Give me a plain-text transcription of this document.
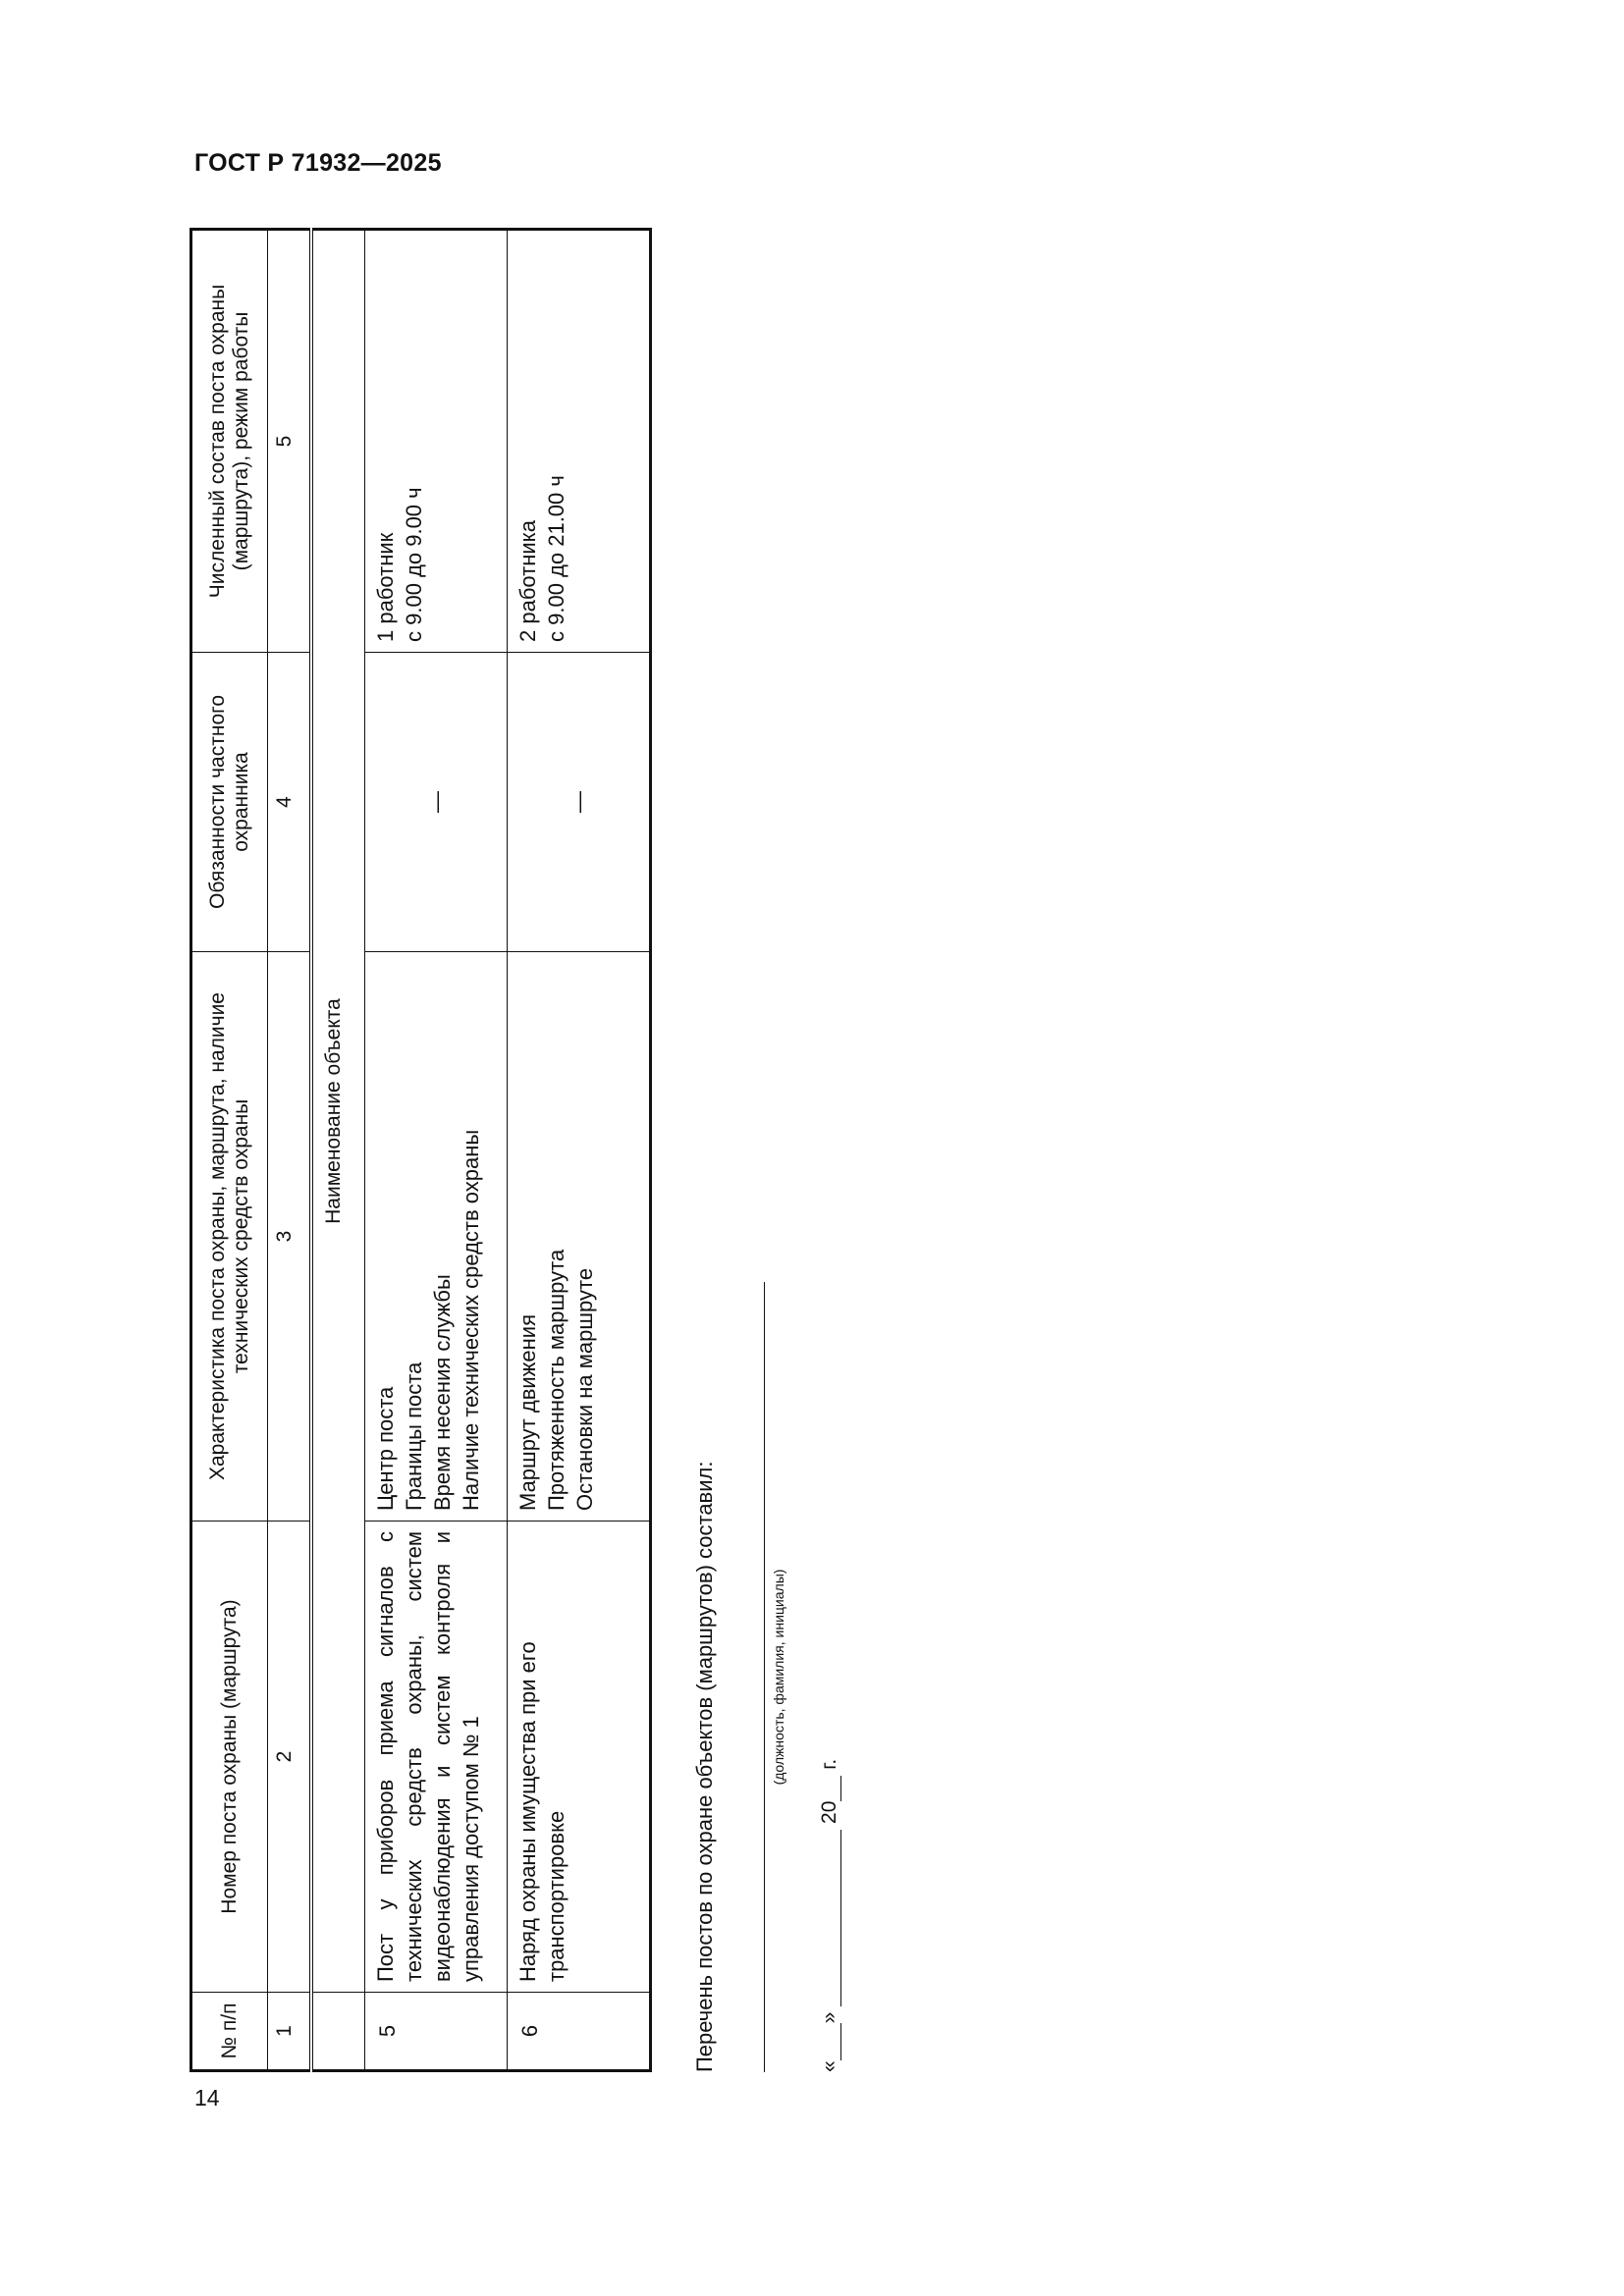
ГОСТ Р 71932—2025
№ п/п	Номер поста охраны (маршрута)	Характеристика поста охраны, маршрута, наличие технических средств охраны	Обязанности частного охранника	Численный состав поста охраны (маршрута), режим работы
1	2	3	4	5
	Наименование объекта			
5	Пост у приборов приема сигналов с технических средств охраны, систем видеонаблюдения и систем контроля и управления доступом № 1	Центр поста Границы поста Время несения службы Наличие технических средств охраны	—	1 работник с 9.00 до 9.00 ч

6	Наряд охраны имущества при его транспортировке	Маршрут движения Протяженность маршрута Остановки на маршруте	—	2 работника с 9.00 до 21.00 ч
Перечень постов по охране объектов (маршрутов) составил:	(должность, фамилия, инициалы)
«»  20 г.
14
